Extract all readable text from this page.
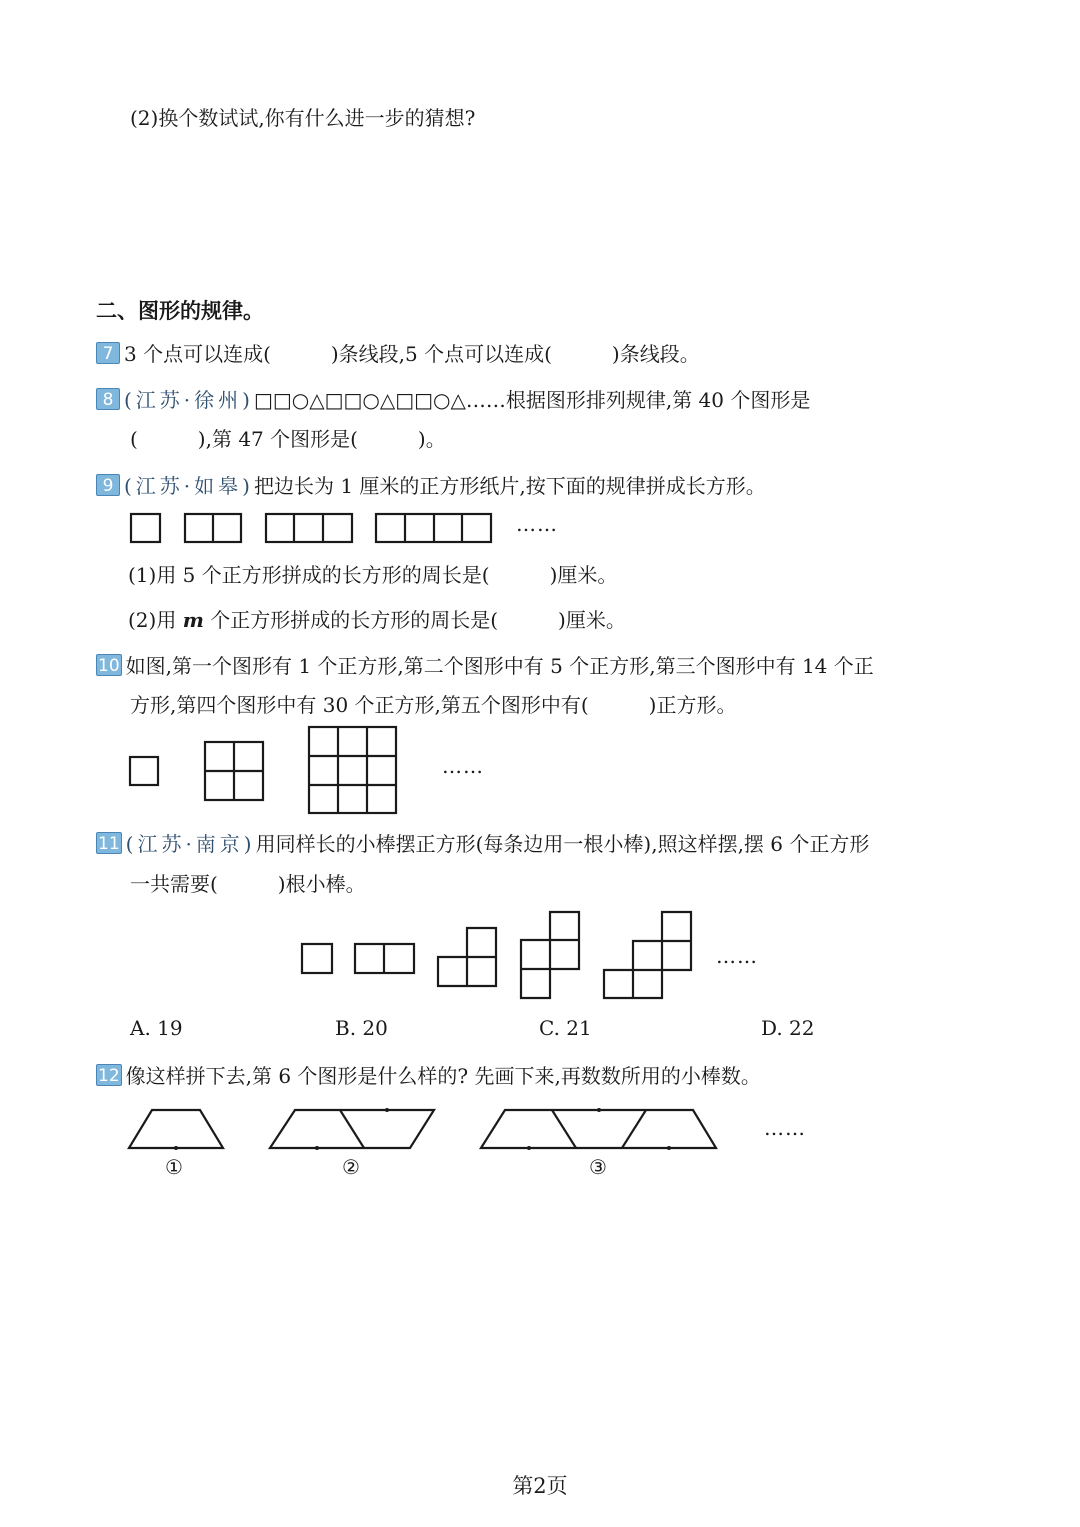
(2)换个数试试,你有什么进一步的猜想?
二、图形的规律。
7 3 个点可以连成(　　　)条线段,5 个点可以连成(　　　)条线段。
8 (江苏·徐州)□□○△□□○△□□○△……根据图形排列规律,第 40 个图形是
(　　　),第 47 个图形是(　　　)。
9 (江苏·如皋)把边长为 1 厘米的正方形纸片,按下面的规律拼成长方形。
……
(1)用 5 个正方形拼成的长方形的周长是(　　　)厘米。
(2)用 m 个正方形拼成的长方形的周长是(　　　)厘米。
10 如图,第一个图形有 1 个正方形,第二个图形中有 5 个正方形,第三个图形中有 14 个正
方形,第四个图形中有 30 个正方形,第五个图形中有(　　　)正方形。
……
11 (江苏·南京)用同样长的小棒摆正方形(每条边用一根小棒),照这样摆,摆 6 个正方形
一共需要(　　　)根小棒。
……
A. 19	B. 20	C. 21	D. 22
12 像这样拼下去,第 6 个图形是什么样的? 先画下来,再数数所用的小棒数。
……
①	②	③
第2页
